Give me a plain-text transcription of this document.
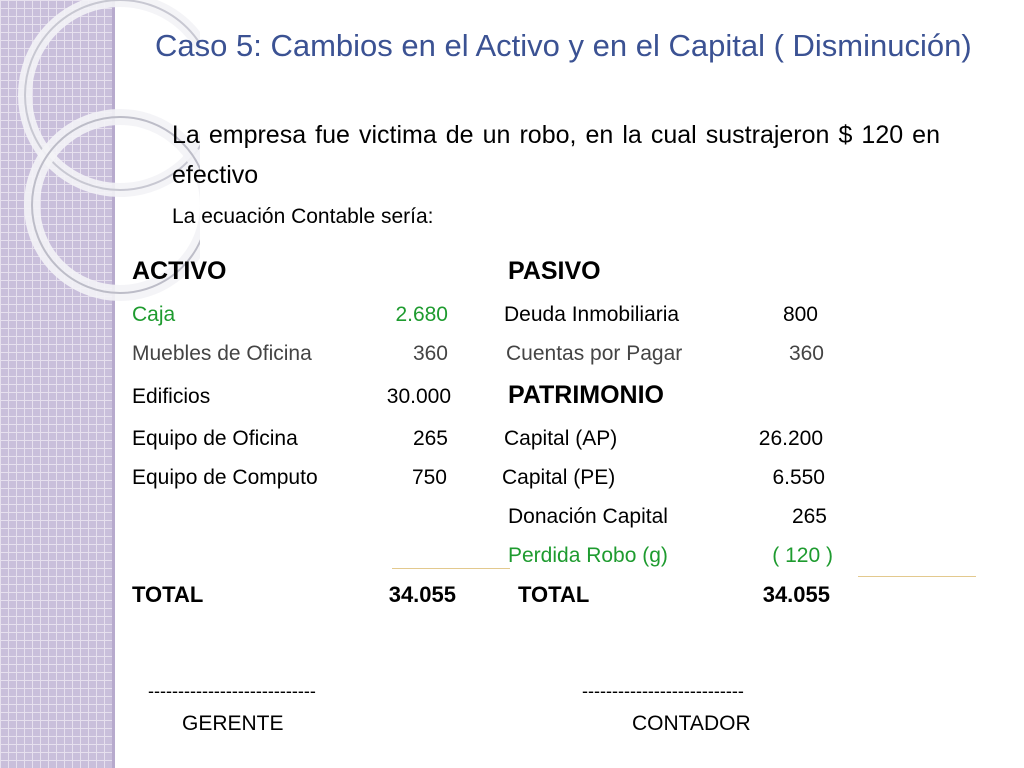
Caso 5: Cambios en el Activo y en el Capital ( Disminución)
La empresa fue victima de un robo, en la cual sustrajeron $ 120 en efectivo
La ecuación Contable sería:
ACTIVO
Caja	2.680
Muebles de Oficina	360
Edificios	30.000
Equipo de Oficina	265
Equipo de Computo	750
TOTAL	34.055
PASIVO
Deuda Inmobiliaria	800
Cuentas por Pagar	360
PATRIMONIO
Capital (AP)	26.200
Capital (PE)	6.550
Donación Capital	265
Perdida Robo (g)	( 120 )
TOTAL	34.055
----------------------------
GERENTE
---------------------------
CONTADOR
